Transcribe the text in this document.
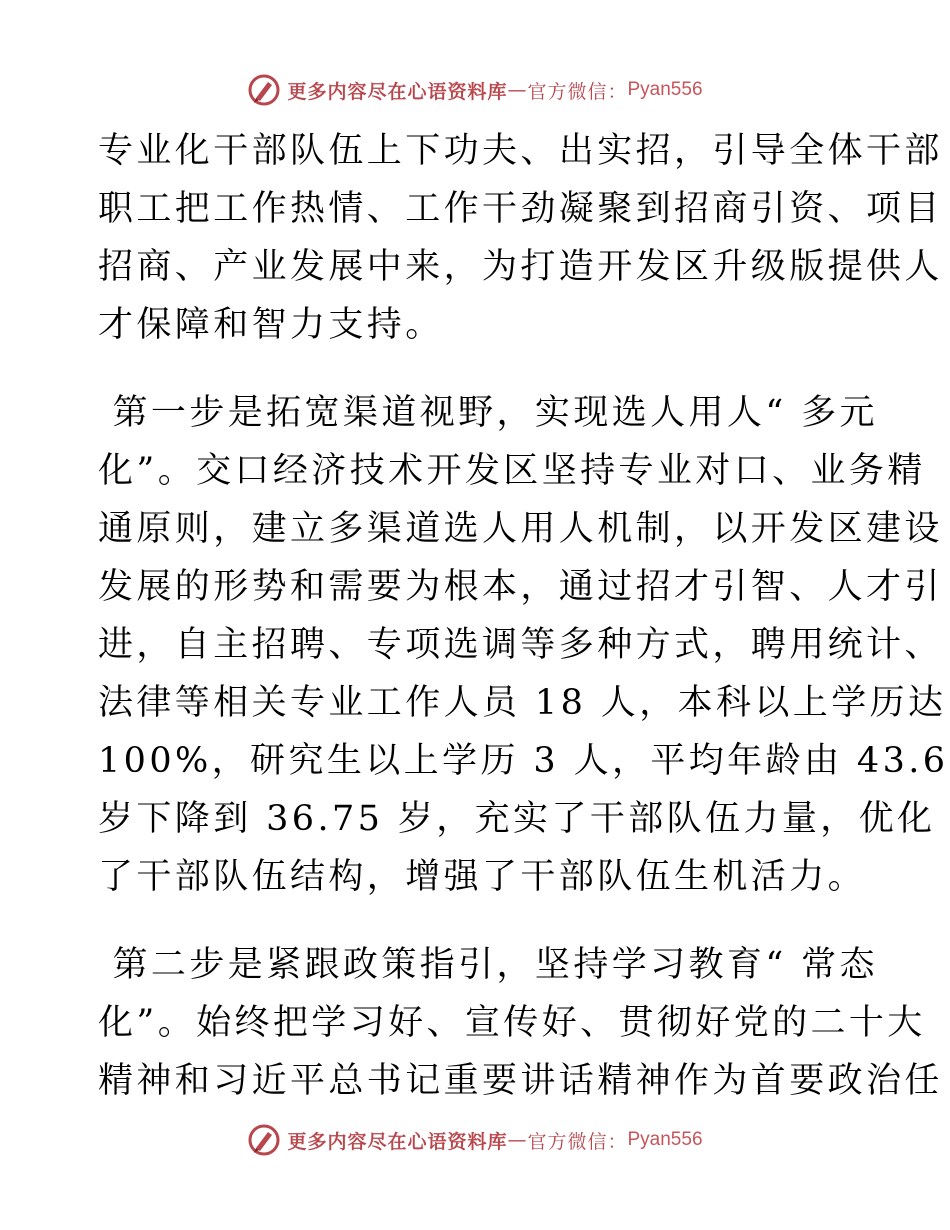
更多内容尽在心语资料库 — 官方微信： Pyan556
专业化干部队伍上下功夫、出实招，引导全体干部
职工把工作热情、工作干劲凝聚到招商引资、项目
招商、产业发展中来，为打造开发区升级版提供人
才保障和智力支持。
第一步是拓宽渠道视野，实现选人用人“ 多元
化”。交口经济技术开发区坚持专业对口、业务精
通原则，建立多渠道选人用人机制，以开发区建设
发展的形势和需要为根本，通过招才引智、人才引
进，自主招聘、专项选调等多种方式，聘用统计、
法律等相关专业工作人员 18 人，本科以上学历达
100%，研究生以上学历 3 人，平均年龄由 43.6
岁下降到 36.75 岁，充实了干部队伍力量，优化
了干部队伍结构，增强了干部队伍生机活力。
第二步是紧跟政策指引，坚持学习教育“ 常态
化”。始终把学习好、宣传好、贯彻好党的二十大
精神和习近平总书记重要讲话精神作为首要政治任
更多内容尽在心语资料库 — 官方微信： Pyan556
